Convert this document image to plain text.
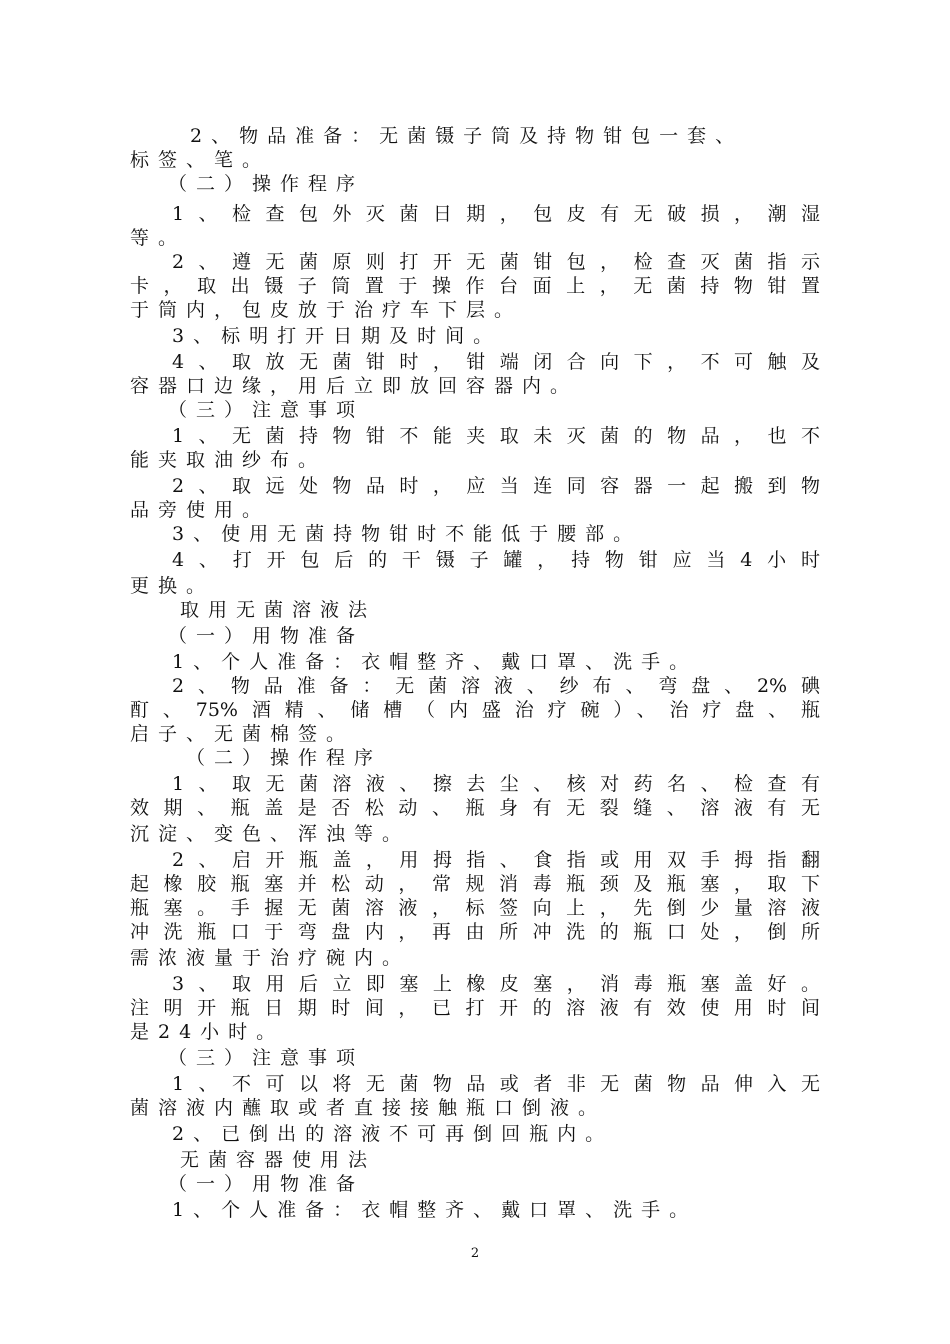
2、物品准备：无菌镊子筒及持物钳包一套、
标签、笔。
（二）操作程序
1、检查包外灭菌日期，包皮有无破损，潮湿
等。
2、遵无菌原则打开无菌钳包，检查灭菌指示
卡，取出镊子筒置于操作台面上，无菌持物钳置
于筒内，包皮放于治疗车下层。
3、标明打开日期及时间。
4、取放无菌钳时，钳端闭合向下，不可触及
容器口边缘，用后立即放回容器内。
（三）注意事项
1、无菌持物钳不能夹取未灭菌的物品，也不
能夹取油纱布。
2、取远处物品时，应当连同容器一起搬到物
品旁使用。
3、使用无菌持物钳时不能低于腰部。
4、打开包后的干镊子罐，持物钳应当4小时
更换。
取用无菌溶液法
（一）用物准备
1、个人准备：衣帽整齐、戴口罩、洗手。
2、物品准备：无菌溶液、纱布、弯盘、2%碘
酊、75%酒精、储槽（内盛治疗碗）、治疗盘、瓶
启子、无菌棉签。
（二）操作程序
1、取无菌溶液、擦去尘、核对药名、检查有
效期、瓶盖是否松动、瓶身有无裂缝、溶液有无
沉淀、变色、浑浊等。
2、启开瓶盖，用拇指、食指或用双手拇指翻
起橡胶瓶塞并松动，常规消毒瓶颈及瓶塞，取下
瓶塞。手握无菌溶液，标签向上，先倒少量溶液
冲洗瓶口于弯盘内，再由所冲洗的瓶口处，倒所
需浓液量于治疗碗内。
3、取用后立即塞上橡皮塞，消毒瓶塞盖好。
注明开瓶日期时间，已打开的溶液有效使用时间
是24小时。
（三）注意事项
1、不可以将无菌物品或者非无菌物品伸入无
菌溶液内蘸取或者直接接触瓶口倒液。
2、已倒出的溶液不可再倒回瓶内。
无菌容器使用法
（一）用物准备
1、个人准备：衣帽整齐、戴口罩、洗手。
2
